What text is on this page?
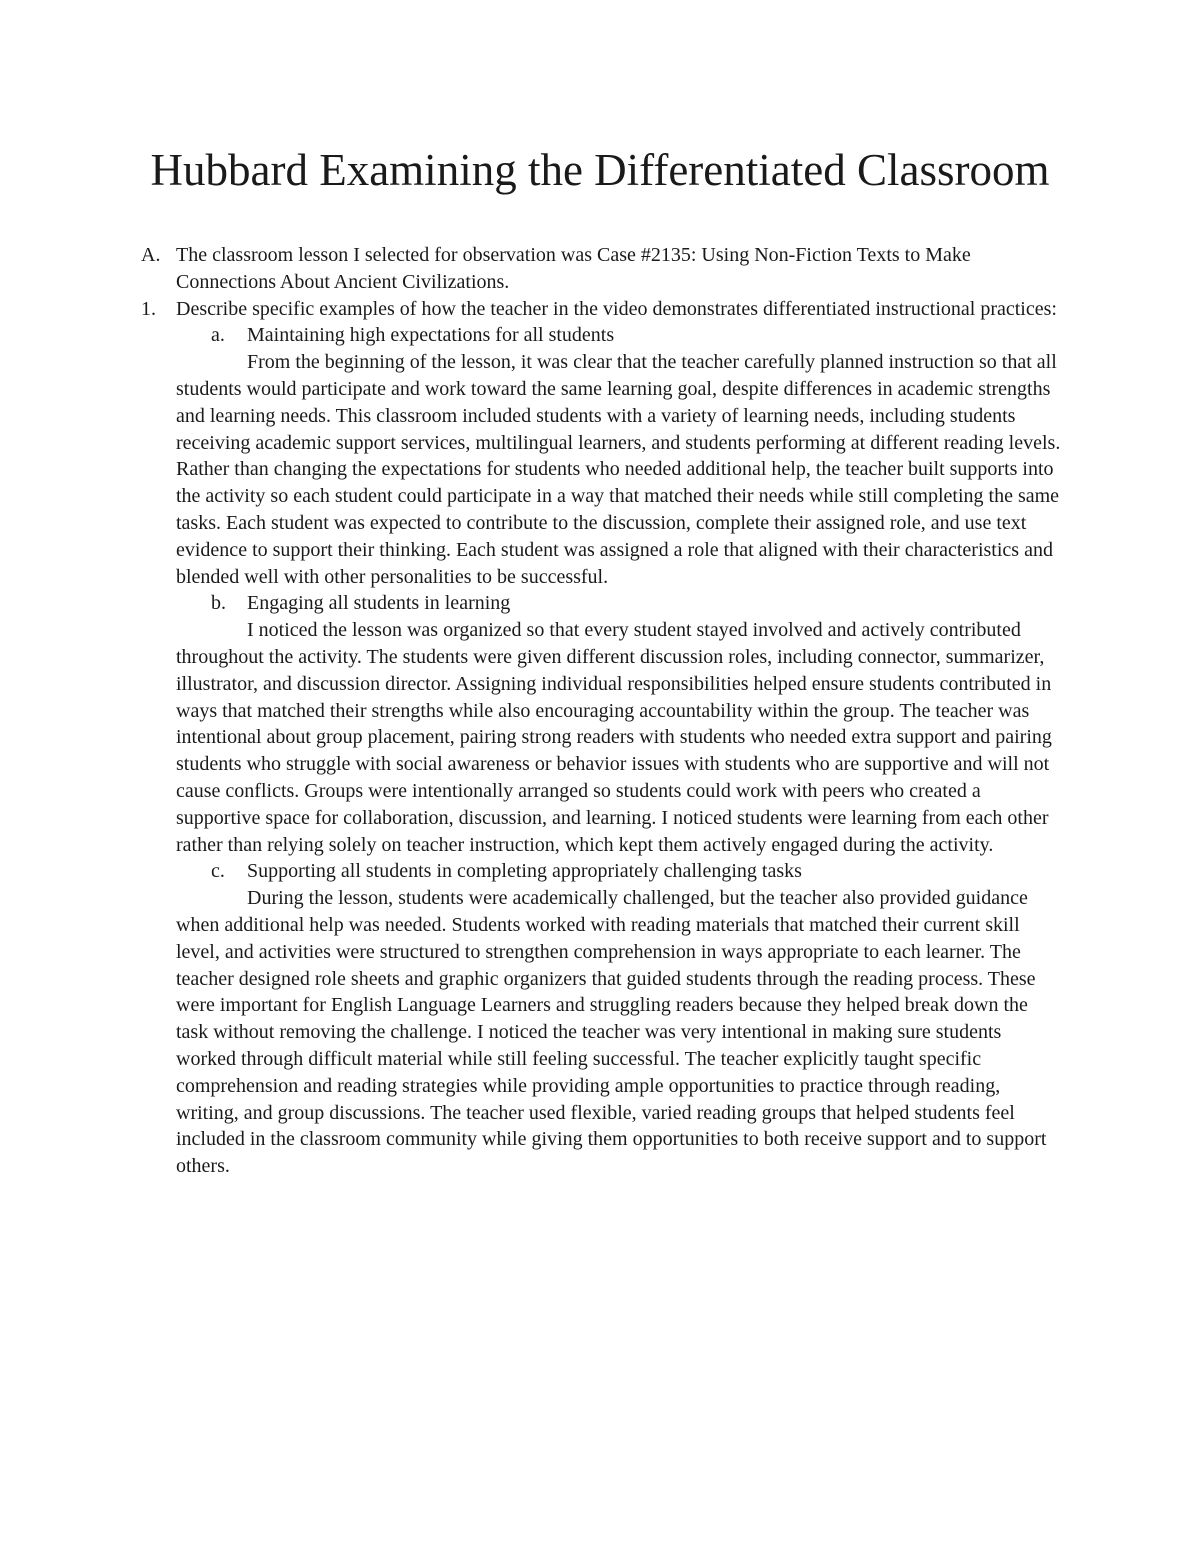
Hubbard Examining the Differentiated Classroom
A. The classroom lesson I selected for observation was Case #2135: Using Non-Fiction Texts to Make Connections About Ancient Civilizations.
1. Describe specific examples of how the teacher in the video demonstrates differentiated instructional practices:
a. Maintaining high expectations for all students
From the beginning of the lesson, it was clear that the teacher carefully planned instruction so that all students would participate and work toward the same learning goal, despite differences in academic strengths and learning needs. This classroom included students with a variety of learning needs, including students receiving academic support services, multilingual learners, and students performing at different reading levels. Rather than changing the expectations for students who needed additional help, the teacher built supports into the activity so each student could participate in a way that matched their needs while still completing the same tasks. Each student was expected to contribute to the discussion, complete their assigned role, and use text evidence to support their thinking. Each student was assigned a role that aligned with their characteristics and blended well with other personalities to be successful.
b. Engaging all students in learning
I noticed the lesson was organized so that every student stayed involved and actively contributed throughout the activity. The students were given different discussion roles, including connector, summarizer, illustrator, and discussion director. Assigning individual responsibilities helped ensure students contributed in ways that matched their strengths while also encouraging accountability within the group. The teacher was intentional about group placement, pairing strong readers with students who needed extra support and pairing students who struggle with social awareness or behavior issues with students who are supportive and will not cause conflicts. Groups were intentionally arranged so students could work with peers who created a supportive space for collaboration, discussion, and learning. I noticed students were learning from each other rather than relying solely on teacher instruction, which kept them actively engaged during the activity.
c. Supporting all students in completing appropriately challenging tasks
During the lesson, students were academically challenged, but the teacher also provided guidance when additional help was needed. Students worked with reading materials that matched their current skill level, and activities were structured to strengthen comprehension in ways appropriate to each learner. The teacher designed role sheets and graphic organizers that guided students through the reading process. These were important for English Language Learners and struggling readers because they helped break down the task without removing the challenge. I noticed the teacher was very intentional in making sure students worked through difficult material while still feeling successful. The teacher explicitly taught specific comprehension and reading strategies while providing ample opportunities to practice through reading, writing, and group discussions. The teacher used flexible, varied reading groups that helped students feel included in the classroom community while giving them opportunities to both receive support and to support others.
